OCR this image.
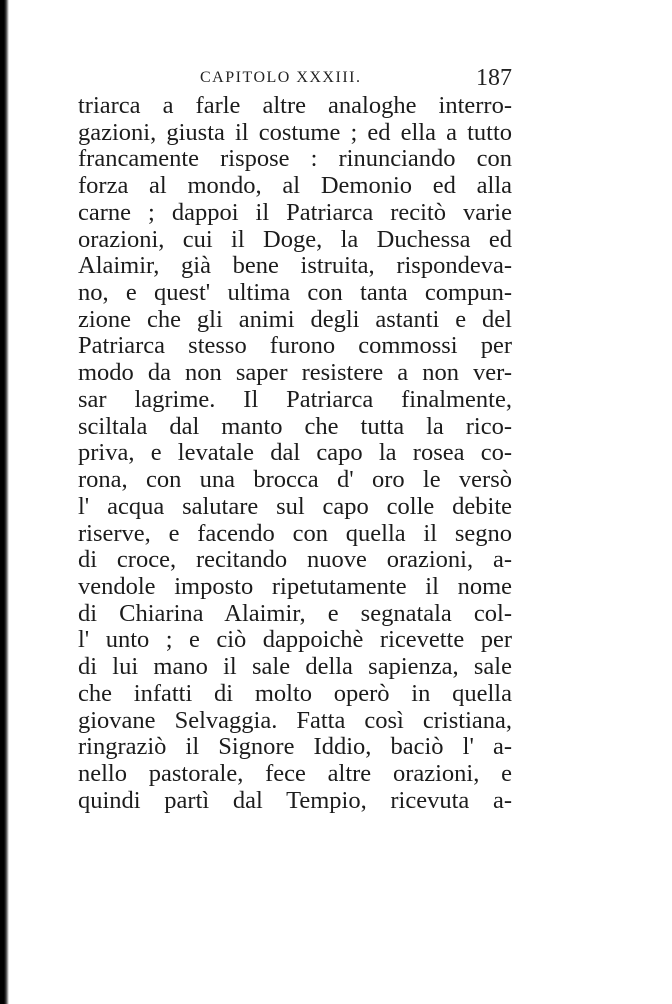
CAPITOLO XXXIII.	187
triarca a farle altre analoghe interro-
gazioni, giusta il costume ; ed ella a tutto
francamente rispose : rinunciando con
forza al mondo, al Demonio ed alla
carne ; dappoi il Patriarca recitò varie
orazioni, cui il Doge, la Duchessa ed
Alaimir, già bene istruita, rispondeva-
no, e quest' ultima con tanta compun-
zione che gli animi degli astanti e del
Patriarca stesso furono commossi per
modo da non saper resistere a non ver-
sar lagrime. Il Patriarca finalmente,
sciltala dal manto che tutta la rico-
priva, e levatale dal capo la rosea co-
rona, con una brocca d' oro le versò
l' acqua salutare sul capo colle debite
riserve, e facendo con quella il segno
di croce, recitando nuove orazioni, a-
vendole imposto ripetutamente il nome
di Chiarina Alaimir, e segnatala col-
l' unto ; e ciò dappoichè ricevette per
di lui mano il sale della sapienza, sale
che infatti di molto operò in quella
giovane Selvaggia. Fatta così cristiana,
ringraziò il Signore Iddio, baciò l' a-
nello pastorale, fece altre orazioni, e
quindi partì dal Tempio, ricevuta a-
